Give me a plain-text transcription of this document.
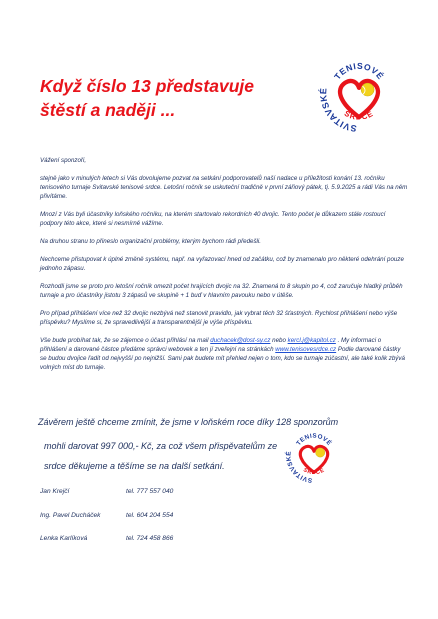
Když číslo 13 představuje
štěstí a naději ...
SVITAVSKÉ
TENISOVÉ
SRDCE

Vážení sponzoři,

stejně jako v minulých letech si Vás dovolujeme pozvat na setkání podporovatelů naší nadace u příležitosti konání 13. ročníku tenisového turnaje Svitavské tenisové srdce. Letošní ročník se uskuteční tradičně v první zářiový pátek, tj. 5.9.2025 a rádi Vás na něm přivítáme.

Mnozí z Vás byli účastníky loňského ročníku, na kterém startovalo rekordních 40 dvojic. Tento počet je důkazem stále rostoucí podpory této akce, které si nesmírně vážíme.

Na druhou stranu to přineslo organizační problémy, kterým bychom rádi předešli.

Nechceme přistupovat k úplné změně systému, např. na vyřazovací hned od začátku, což by znamenalo pro některé odehrání pouze jednoho zápasu.

Rozhodli jsme se proto pro letošní ročník omezit počet hrajících dvojic na 32. Znamená to 8 skupin po 4, což zaručuje hladký průběh turnaje a pro účastníky jistotu 3 zápasů ve skupině + 1 buď v hlavním pavouku nebo v útěše.

Pro případ přihlášení více než 32 dvojic nezbývá než stanovit pravidlo, jak vybrat těch 32 šťastných. Rychlost přihlášení nebo výše příspěvku? Myslíme si, že spravedlivější a transparentnější je výše příspěvku.

Vše bude probíhat tak, že se zájemce o účast přihlásí na mail duchacek@dost-sy.cz nebo kercl.j@kapitol.cz . My informaci o přihlášení a darované částce předáme správci webovek a ten jí zveřejní na stránkách www.tenisovesrdce.cz Podle darované částky se budou dvojice řadit od nejvyšší po nejnižší. Sami pak budete mít přehled nejen o tom, kdo se turnaje zúčastní, ale také kolik zbývá volných míst do turnaje.

Závěrem ještě chceme zmínit, že jsme v loňském roce díky 128 sponzorům

mohli darovat 997 000,- Kč, za což všem přispěvatelům ze

srdce děkujeme a těšíme se na další setkání.

SVITAVSKÉ
TENISOVÉ
SRDCE
Jan Krejčí	tel. 777 557 040
Ing. Pavel Ducháček	tel. 604 204 554
Lenka Karlíková	tel. 724 458 866
